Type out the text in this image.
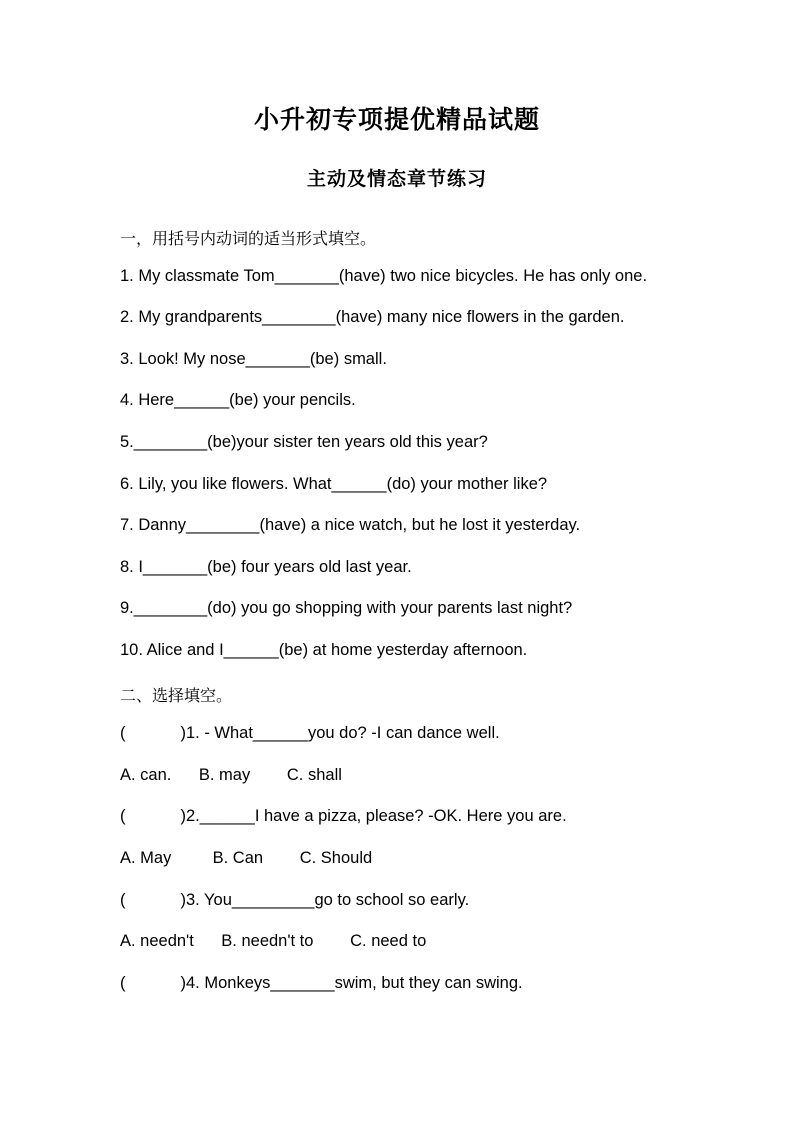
小升初专项提优精品试题
主动及情态章节练习
一，用括号内动词的适当形式填空。
1. My classmate Tom_______(have) two nice bicycles. He has only one.
2. My grandparents________(have) many nice flowers in the garden.
3. Look! My nose_______(be) small.
4. Here______(be) your pencils.
5.________(be)your sister ten years old this year?
6. Lily, you like flowers. What______(do) your mother like?
7. Danny________(have) a nice watch, but he lost it yesterday.
8. I_______(be) four years old last year.
9.________(do) you go shopping with your parents last night?
10. Alice and I______(be) at home yesterday afternoon.
二、选择填空。
(            )1. - What______you do? -I can dance well.
A. can.      B. may        C. shall
(            )2.______I have a pizza, please? -OK. Here you are.
A. May         B. Can        C. Should
(            )3. You_________go to school so early.
A. needn't      B. needn't to        C. need to
(            )4. Monkeys_______swim, but they can swing.
